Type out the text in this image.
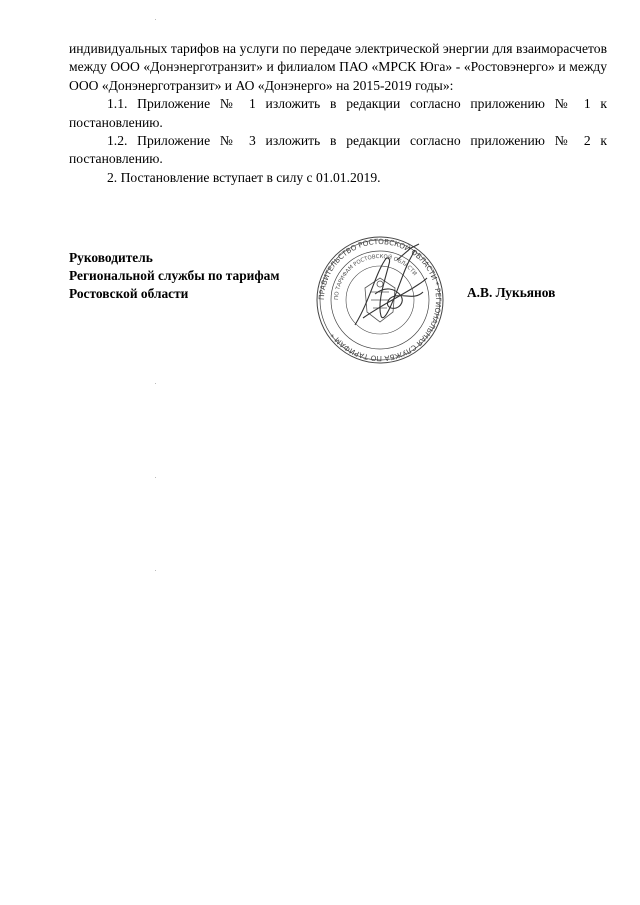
индивидуальных тарифов на услуги по передаче электрической энергии для взаиморасчетов между ООО «Донэнерготранзит» и филиалом ПАО «МРСК Юга» - «Ростовэнерго» и между ООО «Донэнерготранзит» и АО «Донэнерго» на 2015-2019 годы»:

1.1. Приложение № 1 изложить в редакции согласно приложению № 1 к постановлению.

1.2. Приложение № 3 изложить в редакции согласно приложению № 2 к постановлению.

2. Постановление вступает в силу с 01.01.2019.

Руководитель
Региональной службы по тарифам
Ростовской области	А.В. Лукьянов
ПРАВИТЕЛЬСТВО РОСТОВСКОЙ ОБЛАСТИ * РЕГИОНАЛЬНАЯ СЛУЖБА ПО ТАРИФАМ *
ПО ТАРИФАМ РОСТОВСКОЙ ОБЛАСТИ
